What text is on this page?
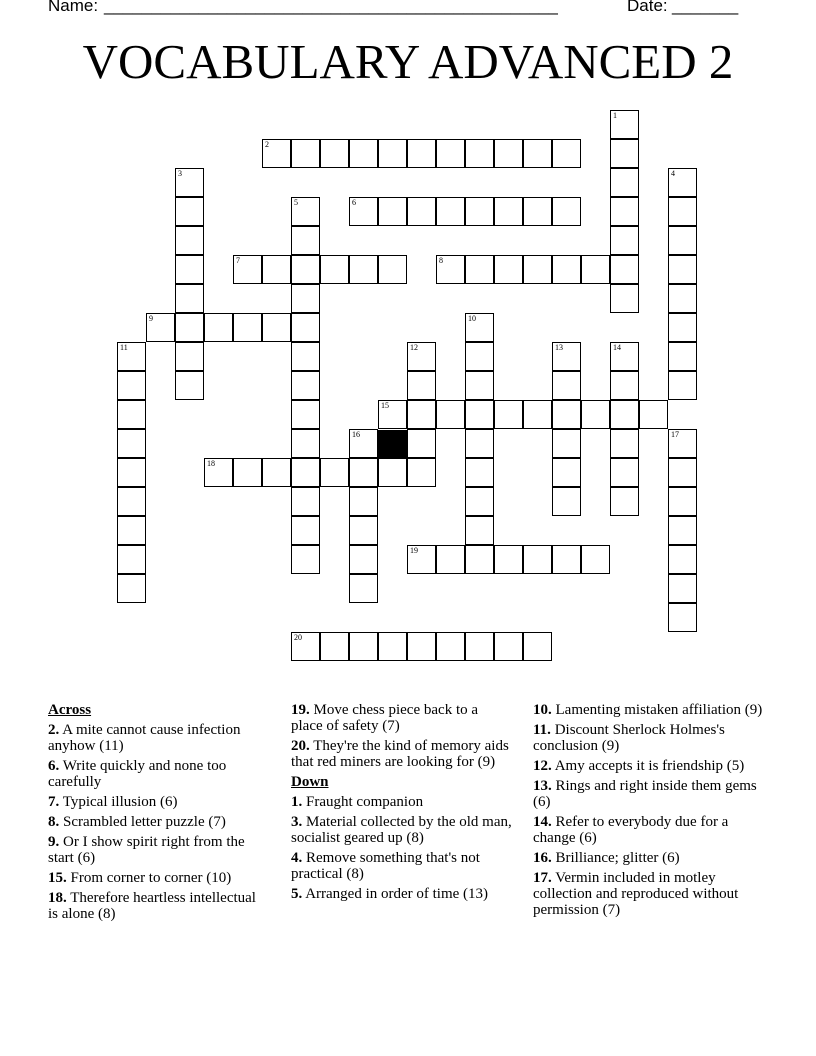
Name: ________________________________________________	Date: _______
VOCABULARY ADVANCED 2
1
2
3	4
5	6
7	8
9	10
11	12	13	14
15
16	17
18
19
20
Across
2. A mite cannot cause infection anyhow (11)
6. Write quickly and none too carefully
7. Typical illusion (6)
8. Scrambled letter puzzle (7)
9. Or I show spirit right from the start (6)
15. From corner to corner (10)
18. Therefore heartless intellectual is alone (8)
19. Move chess piece back to a place of safety (7)
20. They're the kind of memory aids that red miners are looking for (9)
Down
1. Fraught companion
3. Material collected by the old man, socialist geared up (8)
4. Remove something that's not practical (8)
5. Arranged in order of time (13)
10. Lamenting mistaken affiliation (9)
11. Discount Sherlock Holmes's conclusion (9)
12. Amy accepts it is friendship (5)
13. Rings and right inside them gems (6)
14. Refer to everybody due for a change (6)
16. Brilliance; glitter (6)
17. Vermin included in motley collection and reproduced without permission (7)
